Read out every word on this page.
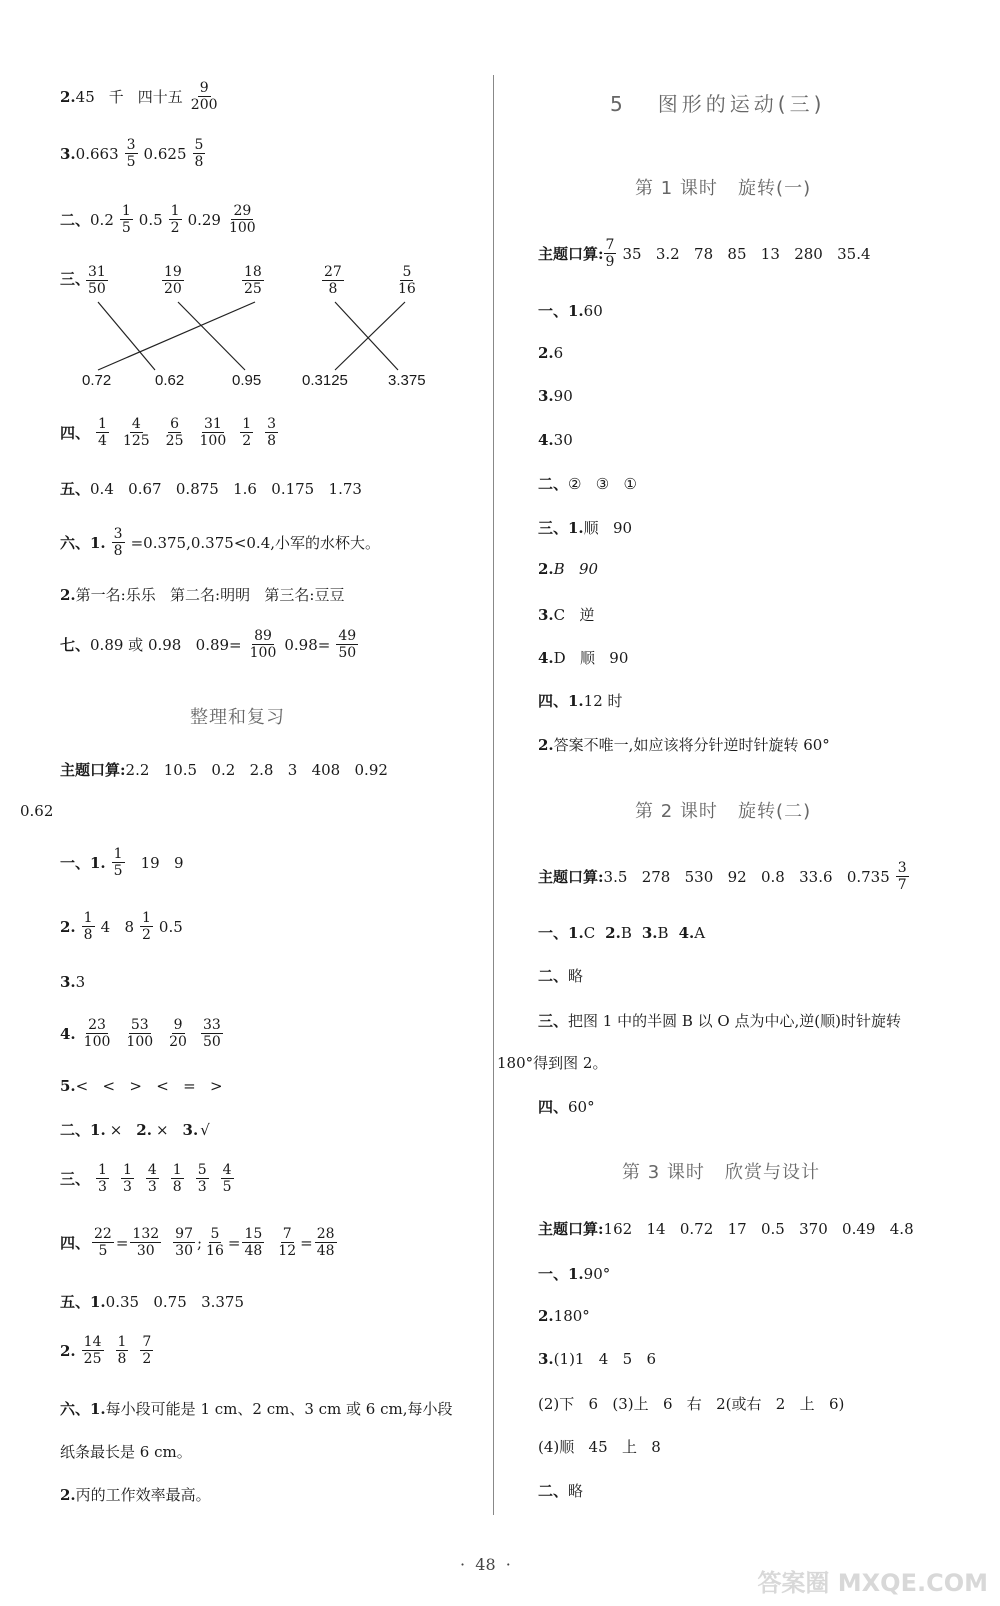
2. 45 千 四十五 $\frac{9}{200}$
3. $0.663 \frac{3}{5} 0.625 \frac{5}{8}$
二、 $0.2 \frac{1}{5} 0.5 \frac{1}{2} 0.29 \frac{29}{100}$
三、
$\frac{31}{50}$	$\frac{19}{20}$	$\frac{18}{25}$	$\frac{27}{8}$	$\frac{5}{16}$
0.72	0.62	0.95	0.3125	3.375
四、 $\frac{1}{4} \frac{4}{125} \frac{6}{25} \frac{31}{100} \frac{1}{2} \frac{3}{8}$
五、 0.4   0.67   0.875   1.6   0.175   1.73
六、1. $\frac{3}{8} =0.375,0.375<0.4$,小军的水杯大。
2. 第一名:乐乐   第二名:明明   第三名:豆豆
七、 0.89 或 0.98   $0.89= \frac{89}{100} 0.98= \frac{49}{50}$
整理和复习
主题口算: 2.2   10.5   0.2   2.8   3   408   0.92
0.62
一、1. $\frac{1}{5} 19$   9
2. $\frac{1}{8} 4$   $8 \frac{1}{2} 0.5$
3. 3
4. $\frac{23}{100} \frac{53}{100} \frac{9}{20} \frac{33}{50}$
5. <   <   >   <   =   >
二、 1. × 2. × 3. √
三、 $\frac{1}{3} \frac{1}{3} \frac{4}{3} \frac{1}{8} \frac{5}{3} \frac{4}{5}$
四、 $\frac{22}{5} = \frac{132}{30} \frac{97}{30}$ ; $\frac{5}{16} = \frac{15}{48} \frac{7}{12} = \frac{28}{48}$
五、1. 0.35   0.75   3.375
2. $\frac{14}{25} \frac{1}{8} \frac{7}{2}$
六、1. 每小段可能是 1 cm、2 cm、3 cm 或 6 cm,每小段
纸条最长是 6 cm。
2. 丙的工作效率最高。
5   图形的运动(三)
第 1 课时   旋转(一)
主题口算: $\frac{7}{9} 35$   3.2   78   85   13   280   35.4
一、1. 60
2. 6
3. 90
4. 30
二、 ②   ③   ①
三、1. 顺   90
2. B   90
3. C   逆
4. D   顺   90
四、1. 12 时
2. 答案不唯一,如应该将分针逆时针旋转 60°
第 2 课时   旋转(二)
主题口算: 3.5   278   530   92   0.8   33.6   $0.735 \frac{3}{7}$
一、 1. C 2. B 3. B 4. A
二、 略
三、 把图 1 中的半圆 B 以 O 点为中心,逆(顺)时针旋转
180°得到图 2。
四、 60°
第 3 课时   欣赏与设计
主题口算: 162   14   0.72   17   0.5   370   0.49   4.8
一、1. 90°
2. 180°
3. (1)1   4   5   6
(2)下   6   (3)上   6   右   2(或右   2   上   6)
(4)顺   45   上   8
二、 略
·  48  ·
答案圈 MXQE.COM
